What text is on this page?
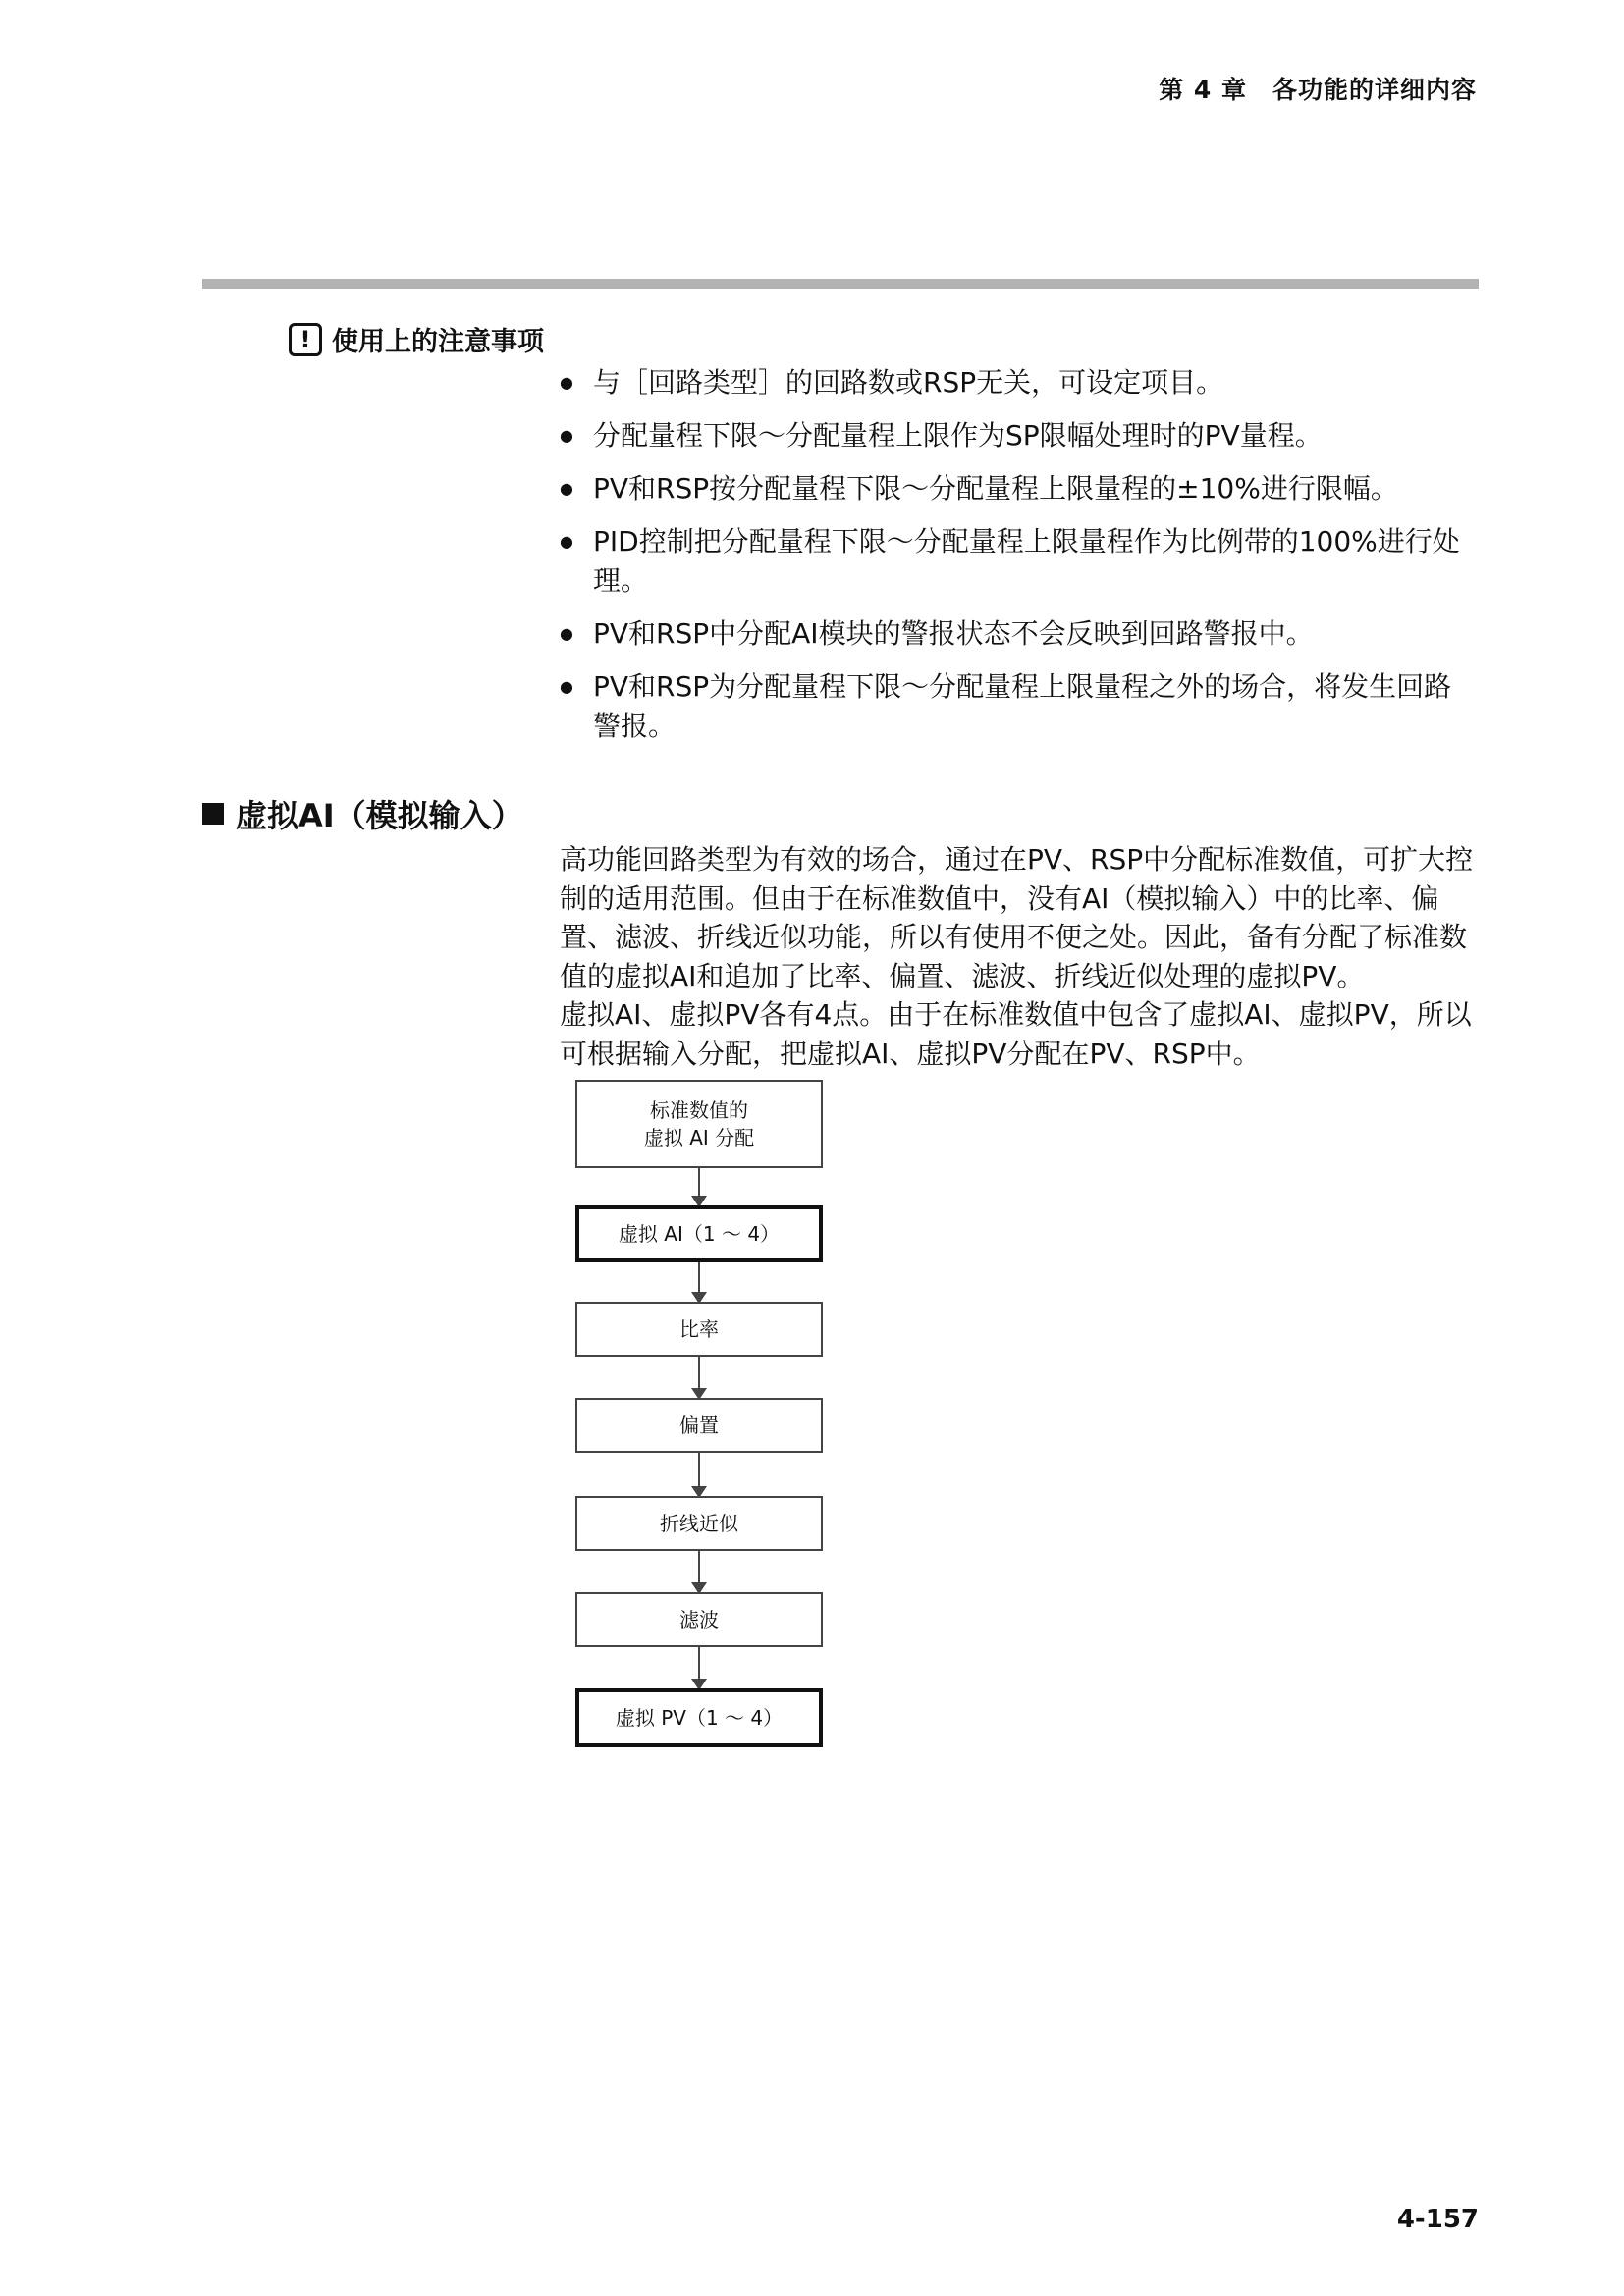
第 4 章　各功能的详细内容
! 使用上的注意事项
● 与［回路类型］的回路数或RSP无关，可设定项目。
● 分配量程下限～分配量程上限作为SP限幅处理时的PV量程。
● PV和RSP按分配量程下限～分配量程上限量程的±10%进行限幅。
● PID控制把分配量程下限～分配量程上限量程作为比例带的100%进行处理。
● PV和RSP中分配AI模块的警报状态不会反映到回路警报中。
● PV和RSP为分配量程下限～分配量程上限量程之外的场合，将发生回路警报。
虚拟AI（模拟输入）

高功能回路类型为有效的场合，通过在PV、RSP中分配标准数值，可扩大控制的适用范围。但由于在标准数值中，没有AI（模拟输入）中的比率、偏置、滤波、折线近似功能，所以有使用不便之处。因此，备有分配了标准数值的虚拟AI和追加了比率、偏置、滤波、折线近似处理的虚拟PV。

虚拟AI、虚拟PV各有4点。由于在标准数值中包含了虚拟AI、虚拟PV，所以可根据输入分配，把虚拟AI、虚拟PV分配在PV、RSP中。

标准数值的
虚拟 AI 分配
虚拟 AI（1 ～ 4）
比率
偏置
折线近似
滤波
虚拟 PV（1 ～ 4）
4-157
